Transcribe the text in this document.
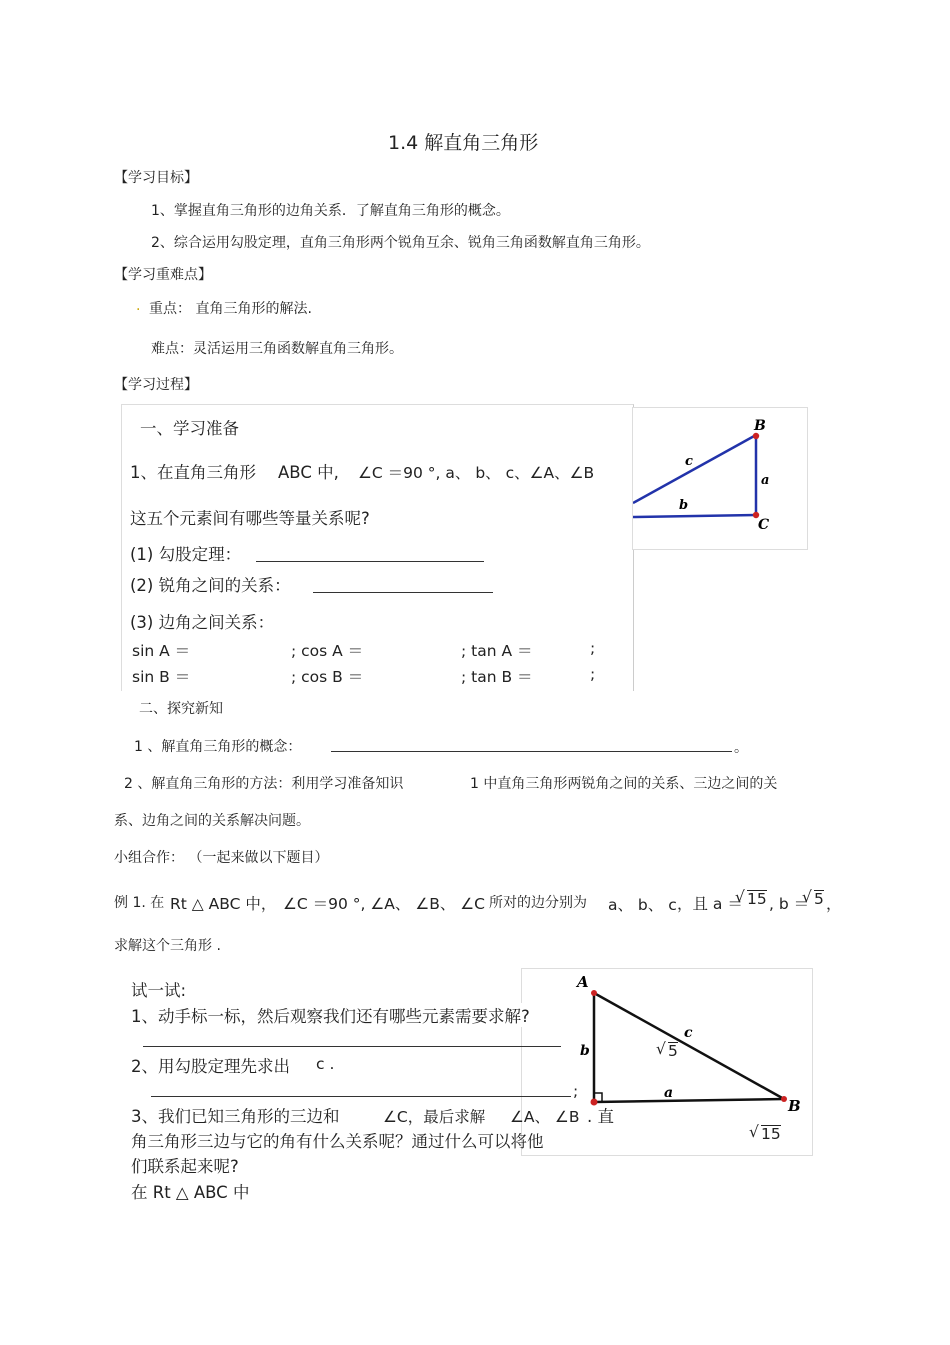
1.4 解直角三角形
【学习目标】
1、掌握直角三角形的边角关系．了解直角三角形的概念。
2、综合运用勾股定理，直角三角形两个锐角互余、锐角三角函数解直角三角形。
【学习重难点】
. 重点： 直角三角形的解法.
难点：灵活运用三角函数解直角三角形。
【学习过程】
一、学习准备
1、在直角三角形 ABC 中, ∠C ＝90 °, a、 b、 c、∠A、∠B
这五个元素间有哪些等量关系呢?
(1) 勾股定理：
(2) 锐角之间的关系：
(3) 边角之间关系：
sin A ＝	; cos A ＝	; tan A ＝	;
sin B ＝	; cos B ＝	; tan B ＝	;
B
C
a
b
c
二、探究新知
1 、解直角三角形的概念：	。
2 、解直角三角形的方法：利用学习准备知识	1 中直角三角形两锐角之间的关系、三边之间的关
系、边角之间的关系解决问题。
小组合作： （一起来做以下题目）
例 1. 在 Rt △ ABC 中， ∠C ＝90 °, ∠A、 ∠B、 ∠C 所对的边分别为 a、 b、 c ，且 a ＝ √ 15 , b ＝ √ 5 ，
求解这个三角形 .
A
B
b
a
c
√ 5
√ 15
试一试:
1、动手标一标，然后观察我们还有哪些元素需要求解?
2、用勾股定理先求出 c .
;
3、我们已知三角形的三边和	∠C，最后求解 ∠A、 ∠B . 直
角三角形三边与它的角有什么关系呢？通过什么可以将他
们联系起来呢?
在 Rt △ ABC 中
